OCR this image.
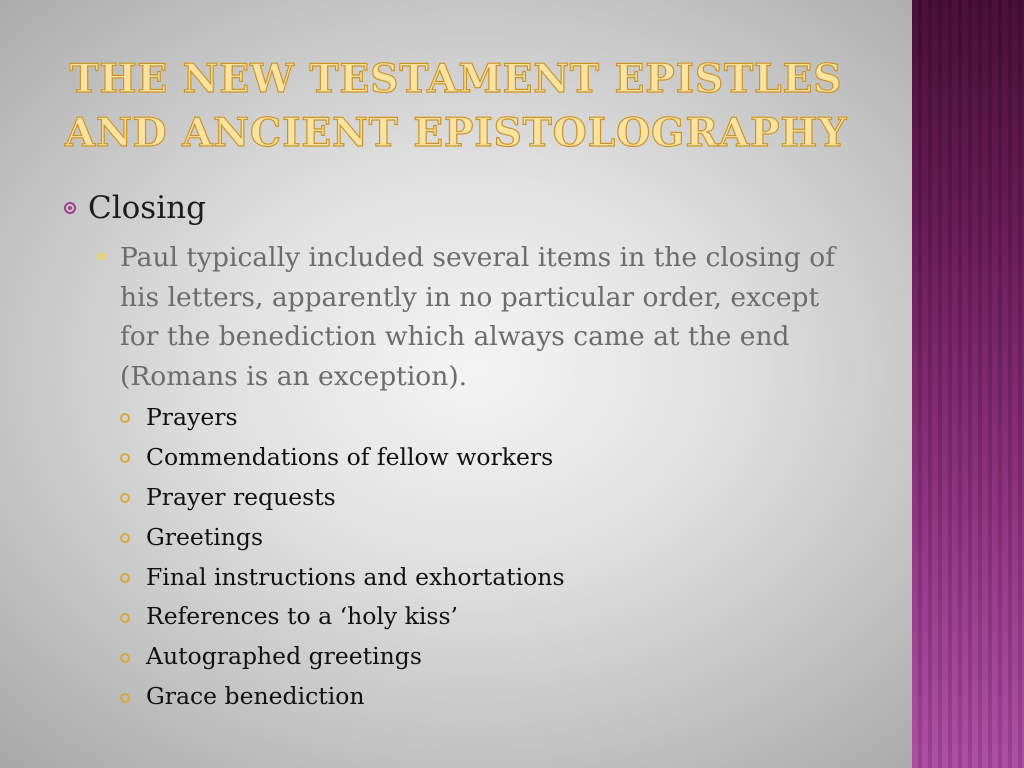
THE NEW TESTAMENT EPISTLES
AND ANCIENT EPISTOLOGRAPHY
Closing
Paul typically included several items in the closing of his letters, apparently in no particular order, except for the benediction which always came at the end (Romans is an exception).
Prayers
Commendations of fellow workers
Prayer requests
Greetings
Final instructions and exhortations
References to a ‘holy kiss’
Autographed greetings
Grace benediction
